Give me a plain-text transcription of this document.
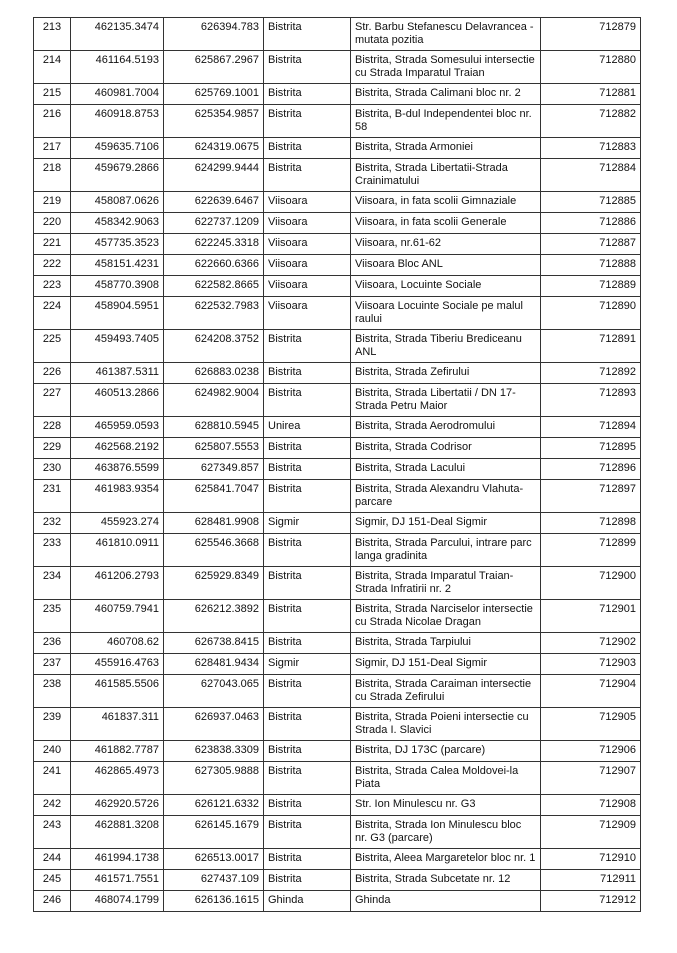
213	462135.3474	626394.783	Bistrita	Str. Barbu Stefanescu Delavrancea - mutata pozitia	712879
214	461164.5193	625867.2967	Bistrita	Bistrita, Strada Somesului intersectie cu Strada Imparatul Traian	712880
215	460981.7004	625769.1001	Bistrita	Bistrita, Strada Calimani bloc nr. 2	712881
216	460918.8753	625354.9857	Bistrita	Bistrita, B-dul Independentei bloc nr. 58	712882
217	459635.7106	624319.0675	Bistrita	Bistrita, Strada Armoniei	712883
218	459679.2866	624299.9444	Bistrita	Bistrita, Strada Libertatii-Strada Crainimatului	712884
219	458087.0626	622639.6467	Viisoara	Viisoara, in fata scolii Gimnaziale	712885
220	458342.9063	622737.1209	Viisoara	Viisoara, in fata scolii Generale	712886
221	457735.3523	622245.3318	Viisoara	Viisoara, nr.61-62	712887
222	458151.4231	622660.6366	Viisoara	Viisoara Bloc ANL	712888
223	458770.3908	622582.8665	Viisoara	Viisoara, Locuinte Sociale	712889
224	458904.5951	622532.7983	Viisoara	Viisoara Locuinte Sociale pe malul raului	712890
225	459493.7405	624208.3752	Bistrita	Bistrita, Strada Tiberiu Brediceanu ANL	712891
226	461387.5311	626883.0238	Bistrita	Bistrita, Strada Zefirului	712892
227	460513.2866	624982.9004	Bistrita	Bistrita, Strada Libertatii / DN 17-Strada Petru Maior	712893
228	465959.0593	628810.5945	Unirea	Bistrita, Strada Aerodromului	712894
229	462568.2192	625807.5553	Bistrita	Bistrita, Strada Codrisor	712895
230	463876.5599	627349.857	Bistrita	Bistrita, Strada Lacului	712896
231	461983.9354	625841.7047	Bistrita	Bistrita, Strada Alexandru Vlahuta-parcare	712897
232	455923.274	628481.9908	Sigmir	Sigmir, DJ 151-Deal Sigmir	712898
233	461810.0911	625546.3668	Bistrita	Bistrita, Strada Parcului, intrare parc langa gradinita	712899
234	461206.2793	625929.8349	Bistrita	Bistrita, Strada Imparatul Traian-Strada Infratirii nr. 2	712900
235	460759.7941	626212.3892	Bistrita	Bistrita, Strada Narciselor intersectie cu Strada Nicolae Dragan	712901
236	460708.62	626738.8415	Bistrita	Bistrita, Strada Tarpiului	712902
237	455916.4763	628481.9434	Sigmir	Sigmir, DJ 151-Deal Sigmir	712903
238	461585.5506	627043.065	Bistrita	Bistrita, Strada Caraiman intersectie cu Strada Zefirului	712904
239	461837.311	626937.0463	Bistrita	Bistrita, Strada Poieni intersectie cu Strada I. Slavici	712905
240	461882.7787	623838.3309	Bistrita	Bistrita, DJ 173C (parcare)	712906
241	462865.4973	627305.9888	Bistrita	Bistrita, Strada Calea Moldovei-la Piata	712907
242	462920.5726	626121.6332	Bistrita	Str. Ion Minulescu nr. G3	712908
243	462881.3208	626145.1679	Bistrita	Bistrita, Strada Ion Minulescu bloc nr. G3 (parcare)	712909
244	461994.1738	626513.0017	Bistrita	Bistrita, Aleea Margaretelor bloc nr. 1	712910
245	461571.7551	627437.109	Bistrita	Bistrita, Strada Subcetate nr. 12	712911
246	468074.1799	626136.1615	Ghinda	Ghinda	712912
